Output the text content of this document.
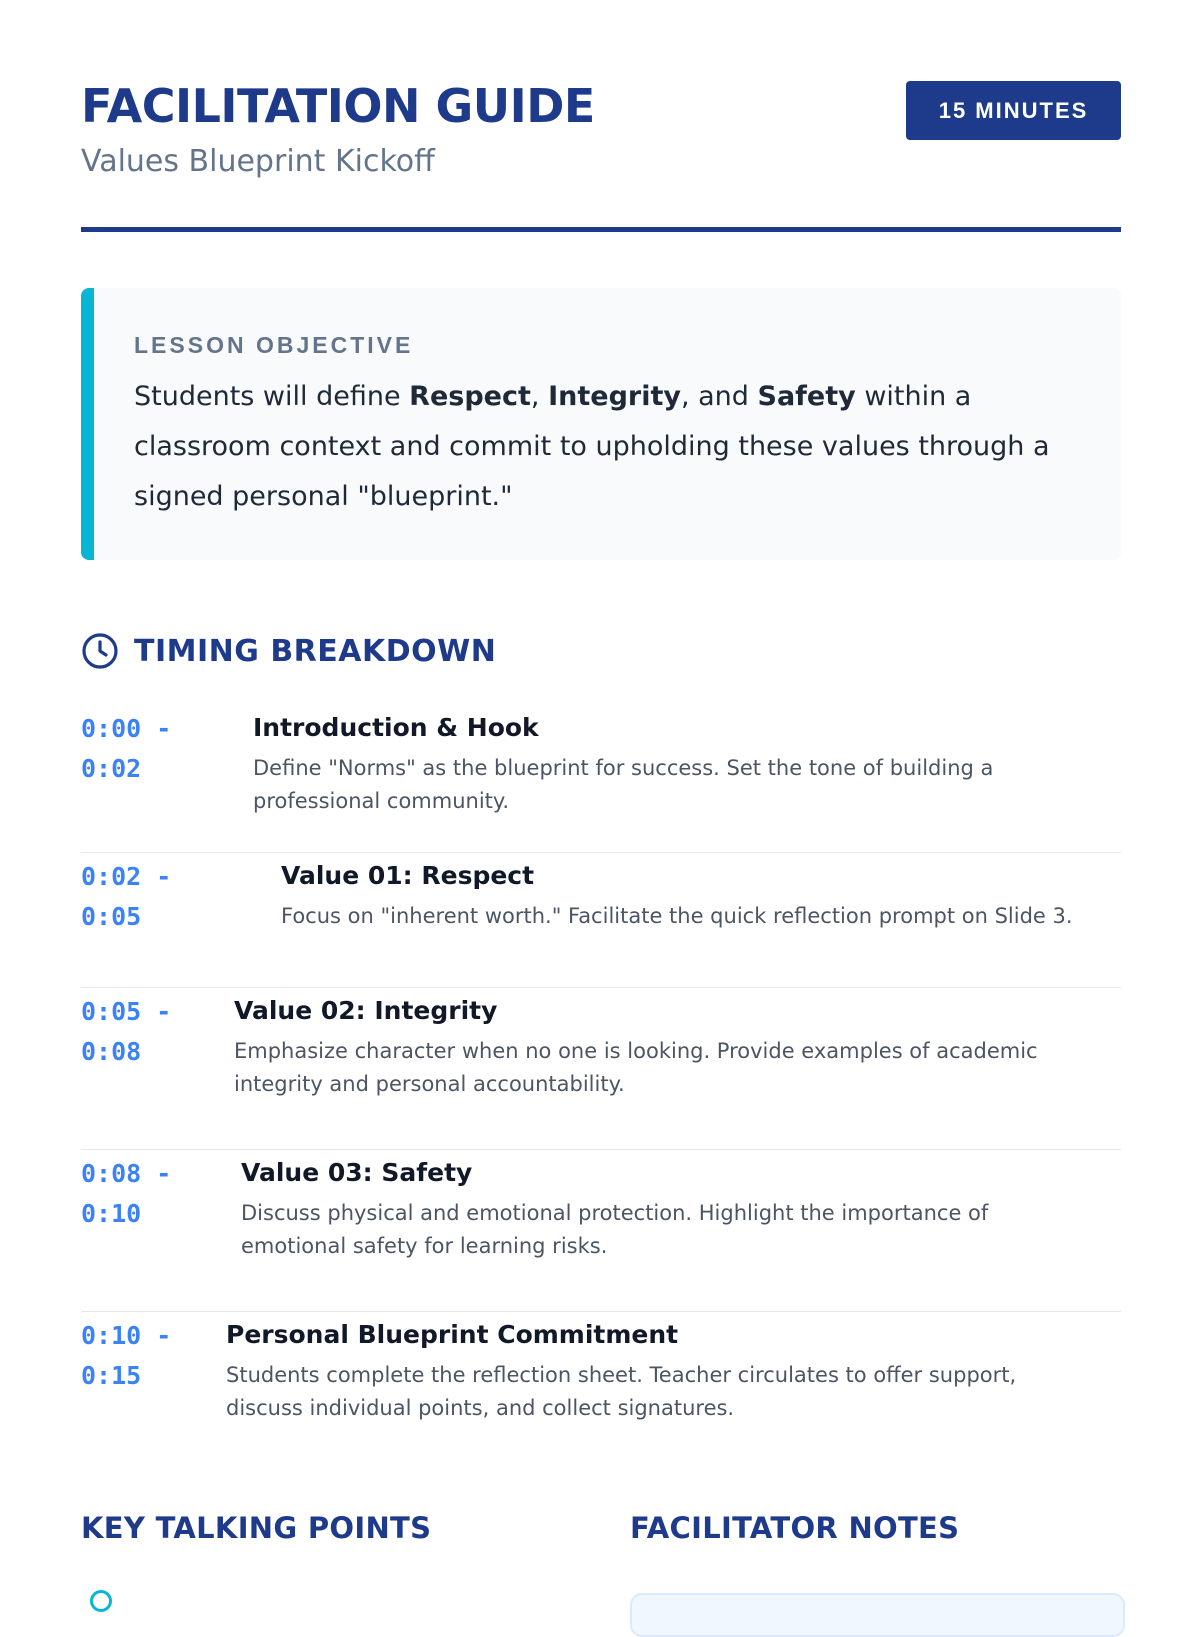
FACILITATION GUIDE
Values Blueprint Kickoff
15 MINUTES
LESSON OBJECTIVE

Students will define Respect, Integrity, and Safety within a classroom context and commit to upholding these values through a signed personal "blueprint."

TIMING BREAKDOWN
0:00 -
0:02
Introduction & Hook

Define "Norms" as the blueprint for success. Set the tone of building a professional community.

0:02 -
0:05
Value 01: Respect

Focus on "inherent worth." Facilitate the quick reflection prompt on Slide 3.

0:05 -
0:08
Value 02: Integrity

Emphasize character when no one is looking. Provide examples of academic integrity and personal accountability.

0:08 -
0:10
Value 03: Safety

Discuss physical and emotional protection. Highlight the importance of emotional safety for learning risks.

0:10 -
0:15
Personal Blueprint Commitment

Students complete the reflection sheet. Teacher circulates to offer support, discuss individual points, and collect signatures.

KEY TALKING POINTS	FACILITATOR NOTES
